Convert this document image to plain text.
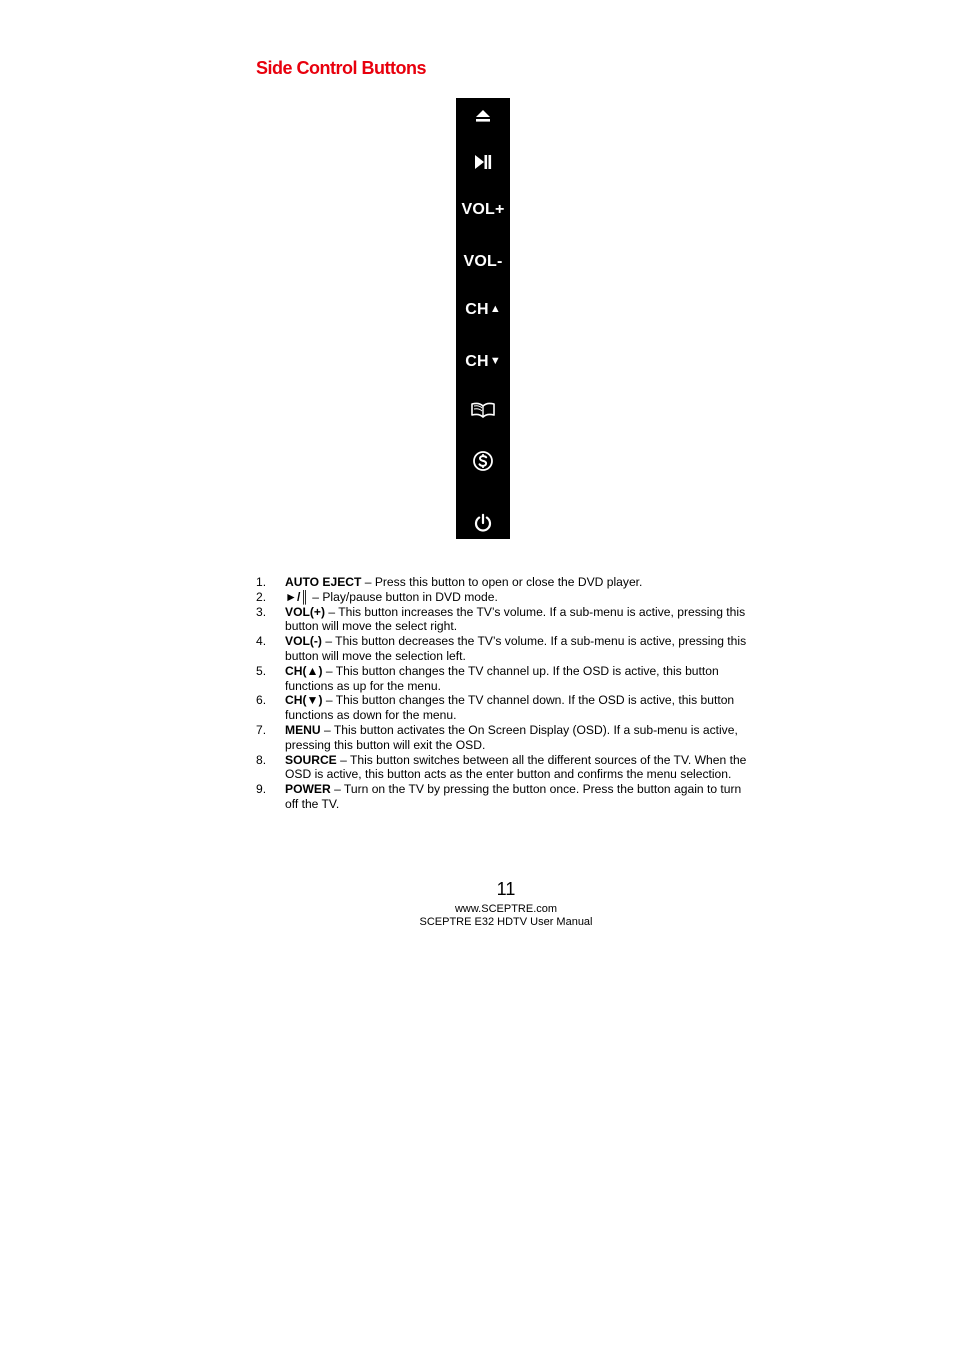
Side Control Buttons
VOL+
VOL-
CH ▲
CH ▼
1. AUTO EJECT – Press this button to open or close the DVD player.
2. ►/║ – Play/pause button in DVD mode.
3. VOL(+) – This button increases the TV’s volume. If a sub-menu is active, pressing this button will move the select right.
4. VOL(-) – This button decreases the TV’s volume. If a sub-menu is active, pressing this button will move the selection left.
5. CH(▲) – This button changes the TV channel up. If the OSD is active, this button functions as up for the menu.
6. CH(▼) – This button changes the TV channel down. If the OSD is active, this button functions as down for the menu.
7. MENU – This button activates the On Screen Display (OSD). If a sub-menu is active, pressing this button will exit the OSD.
8. SOURCE – This button switches between all the different sources of the TV. When the OSD is active, this button acts as the enter button and confirms the menu selection.
9. POWER – Turn on the TV by pressing the button once. Press the button again to turn off the TV.
11
www.SCEPTRE.com
SCEPTRE E32 HDTV User Manual
